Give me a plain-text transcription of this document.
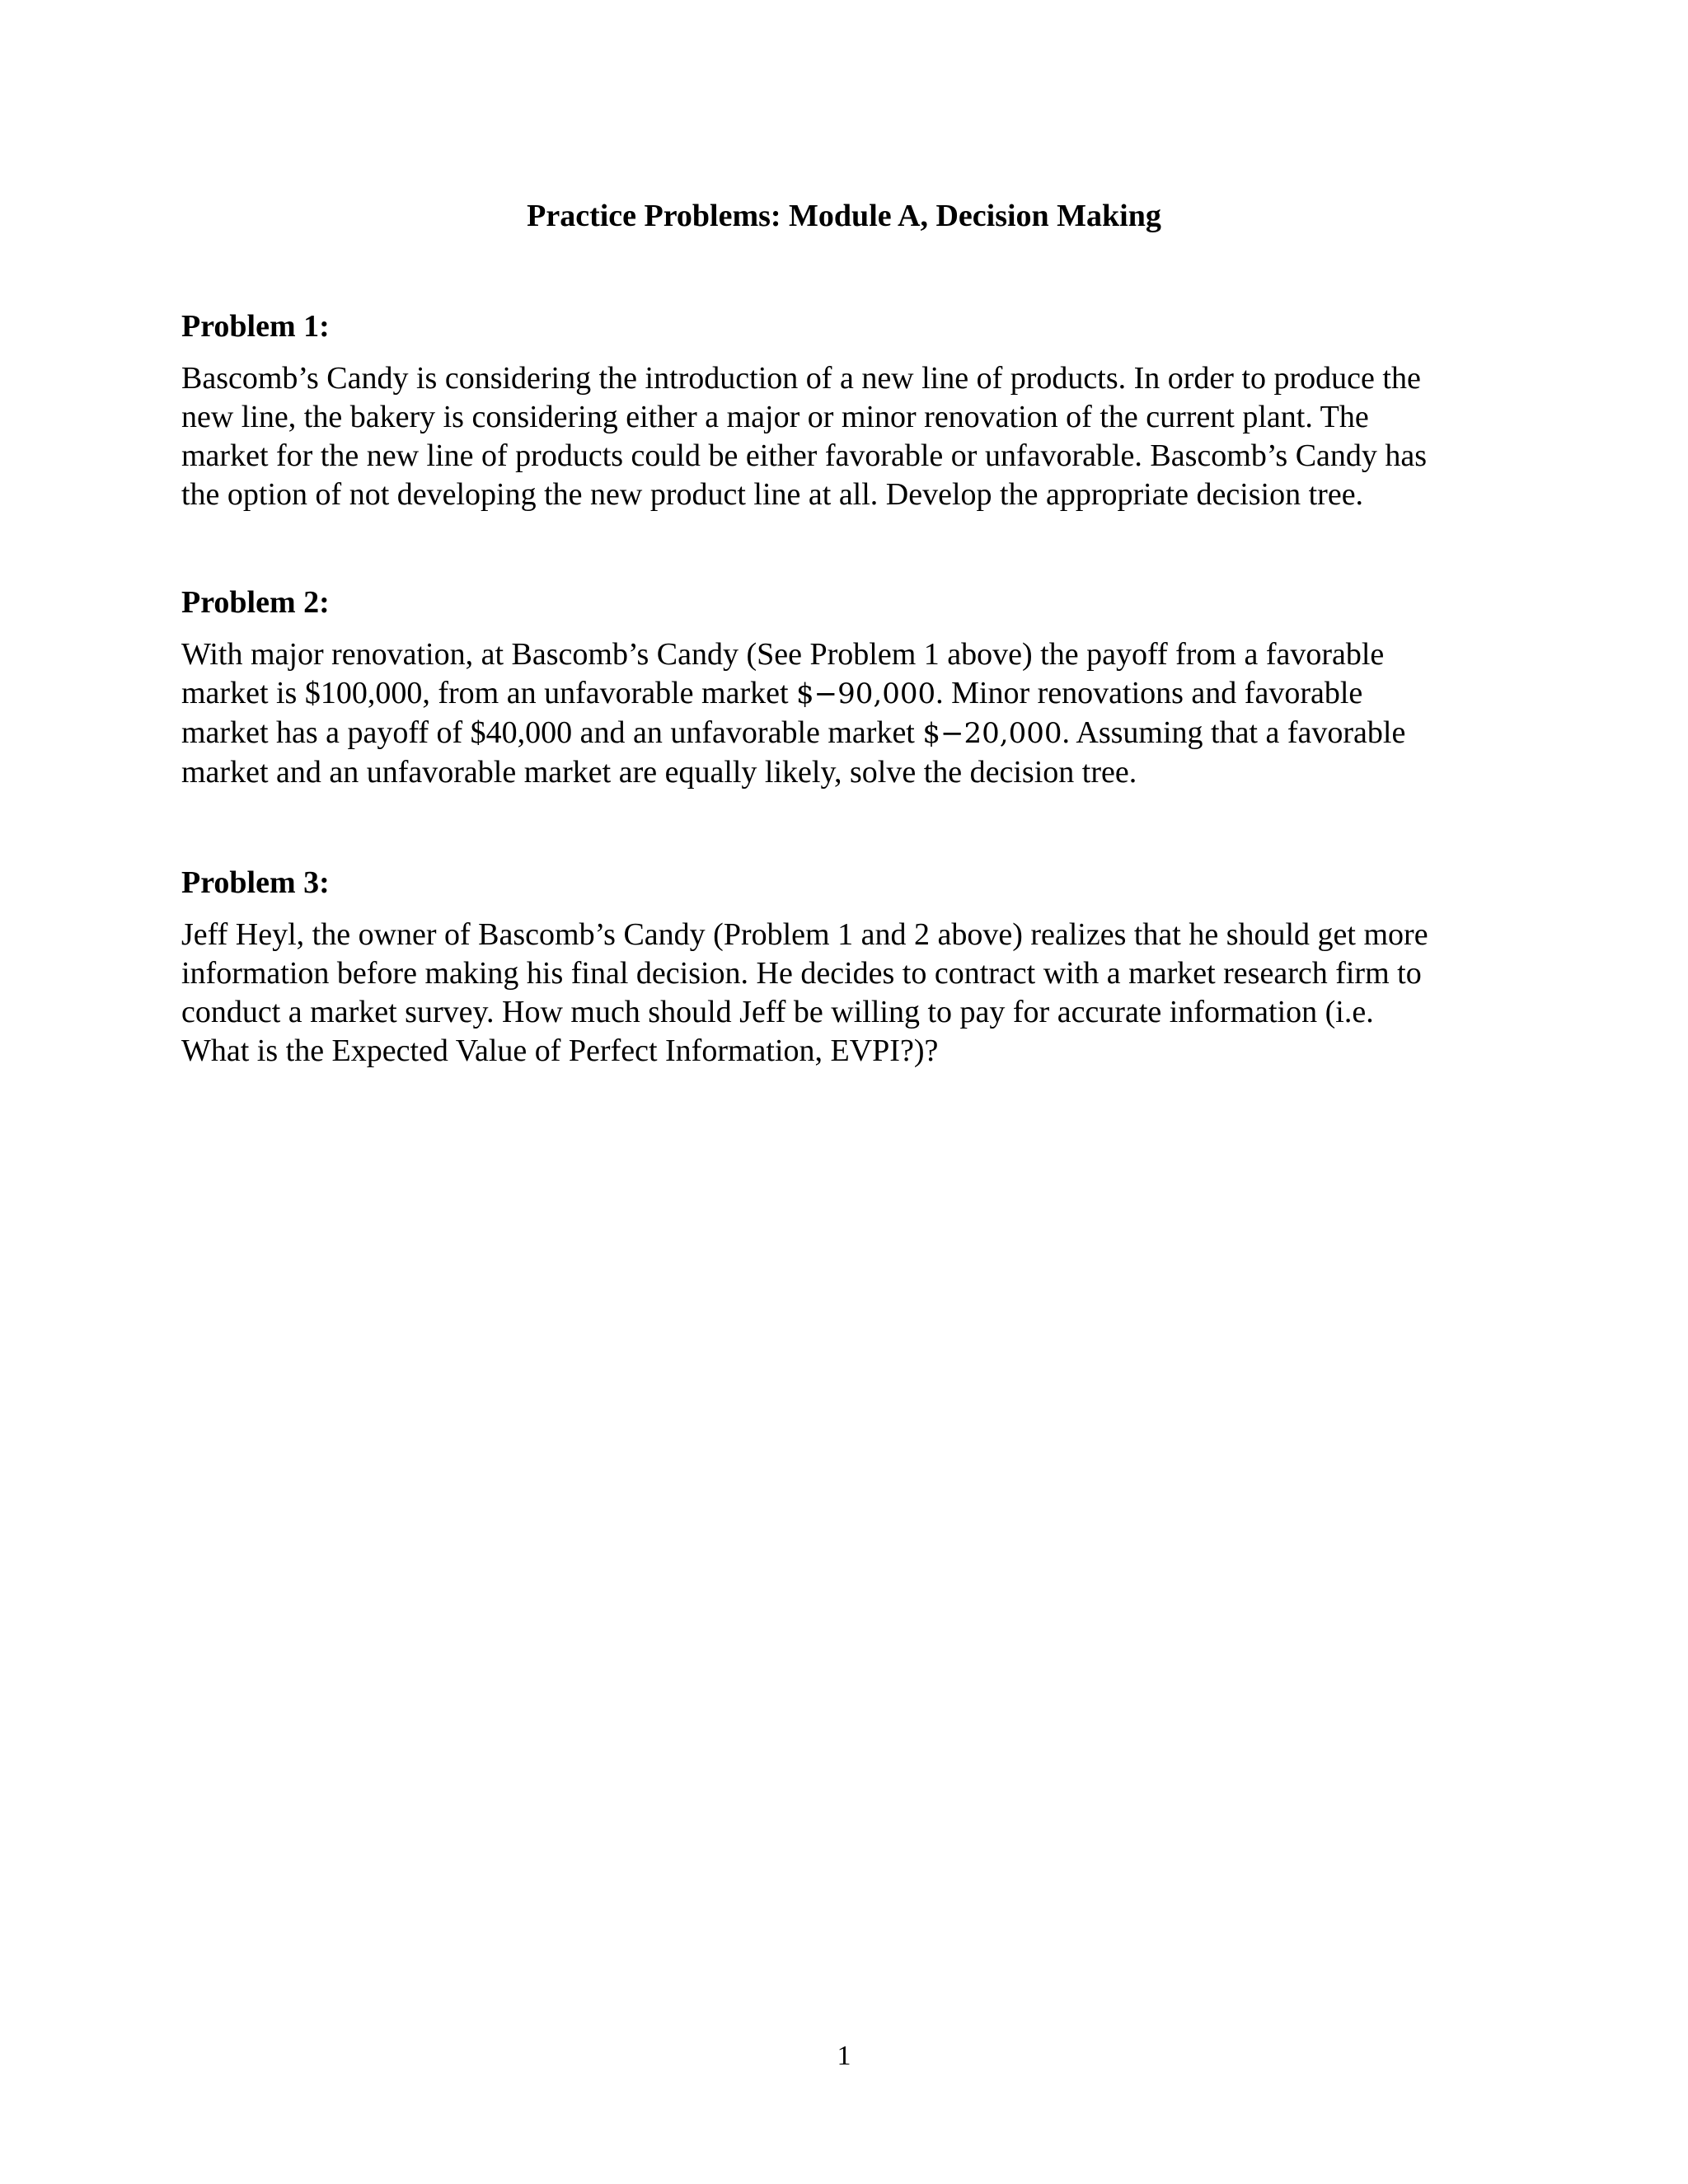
Practice Problems: Module A, Decision Making
Problem 1:

Bascomb’s Candy is considering the introduction of a new line of products. In order to produce the
new line, the bakery is considering either a major or minor renovation of the current plant. The
market for the new line of products could be either favorable or unfavorable. Bascomb’s Candy has
the option of not developing the new product line at all. Develop the appropriate decision tree.

Problem 2:

With major renovation, at Bascomb’s Candy (See Problem 1 above) the payoff from a favorable
market is $100,000, from an unfavorable market $−90,000. Minor renovations and favorable
market has a payoff of $40,000 and an unfavorable market $−20,000. Assuming that a favorable
market and an unfavorable market are equally likely, solve the decision tree.

Problem 3:

Jeff Heyl, the owner of Bascomb’s Candy (Problem 1 and 2 above) realizes that he should get more
information before making his final decision. He decides to contract with a market research firm to
conduct a market survey. How much should Jeff be willing to pay for accurate information (i.e.
What is the Expected Value of Perfect Information, EVPI?)?

1
